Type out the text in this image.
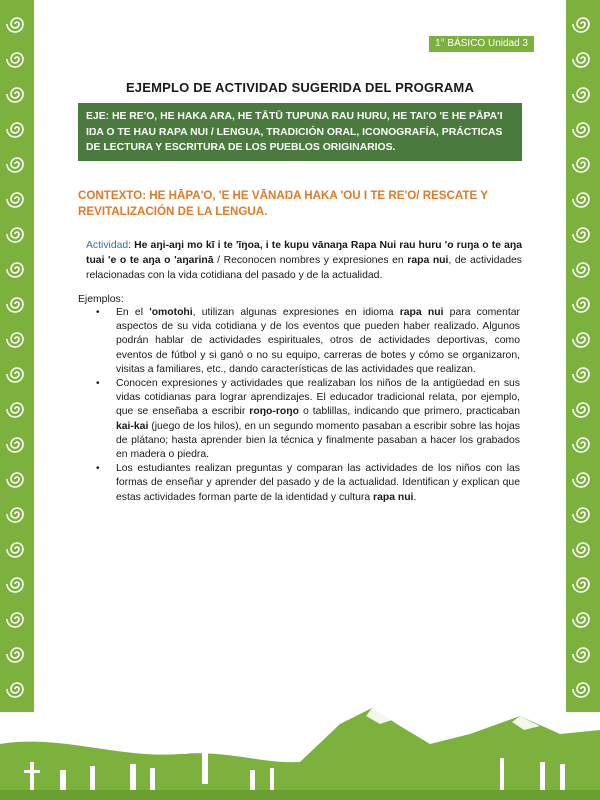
1° BÁSICO Unidad 3
EJEMPLO DE ACTIVIDAD SUGERIDA DEL PROGRAMA
EJE: HE RE'O, HE HAKA ARA, HE TĀTŪ TUPUNA RAU HURU, HE TAI'O 'E HE PĀPA'I IŊA O TE HAU RAPA NUI / LENGUA, TRADICIÓN ORAL, ICONOGRAFÍA, PRÁCTICAS DE LECTURA Y ESCRITURA DE LOS PUEBLOS ORIGINARIOS.
CONTEXTO: HE HĀPA'O, 'E HE VĀNAŊA HAKA 'OU I TE RE'O/ RESCATE Y REVITALIZACIÓN DE LA LENGUA.
Actividad: He aŋi-aŋi mo kī i te 'īŋoa, i te kupu vānaŋa Rapa Nui rau huru 'o ruŋa o te aŋa tuai 'e o te aŋa o 'aŋarinā / Reconocen nombres y expresiones en rapa nui, de actividades relacionadas con la vida cotidiana del pasado y de la actualidad.
Ejemplos:
• En el 'omotohi, utilizan algunas expresiones en idioma rapa nui para comentar aspectos de su vida cotidiana y de los eventos que pueden haber realizado. Algunos podrán hablar de actividades espirituales, otros de actividades deportivas, como eventos de fútbol y si ganó o no su equipo, carreras de botes y cómo se organizaron, visitas a familiares, etc., dando características de las actividades que realizan.
• Conocen expresiones y actividades que realizaban los niños de la antigüedad en sus vidas cotidianas para lograr aprendizajes. El educador tradicional relata, por ejemplo, que se enseñaba a escribir roŋo-roŋo o tablillas, indicando que primero, practicaban kai-kai (juego de los hilos), en un segundo momento pasaban a escribir sobre las hojas de plátano; hasta aprender bien la técnica y finalmente pasaban a hacer los grabados en madera o piedra.
• Los estudiantes realizan preguntas y comparan las actividades de los niños con las formas de enseñar y aprender del pasado y de la actualidad. Identifican y explican que estas actividades forman parte de la identidad y cultura rapa nui.
